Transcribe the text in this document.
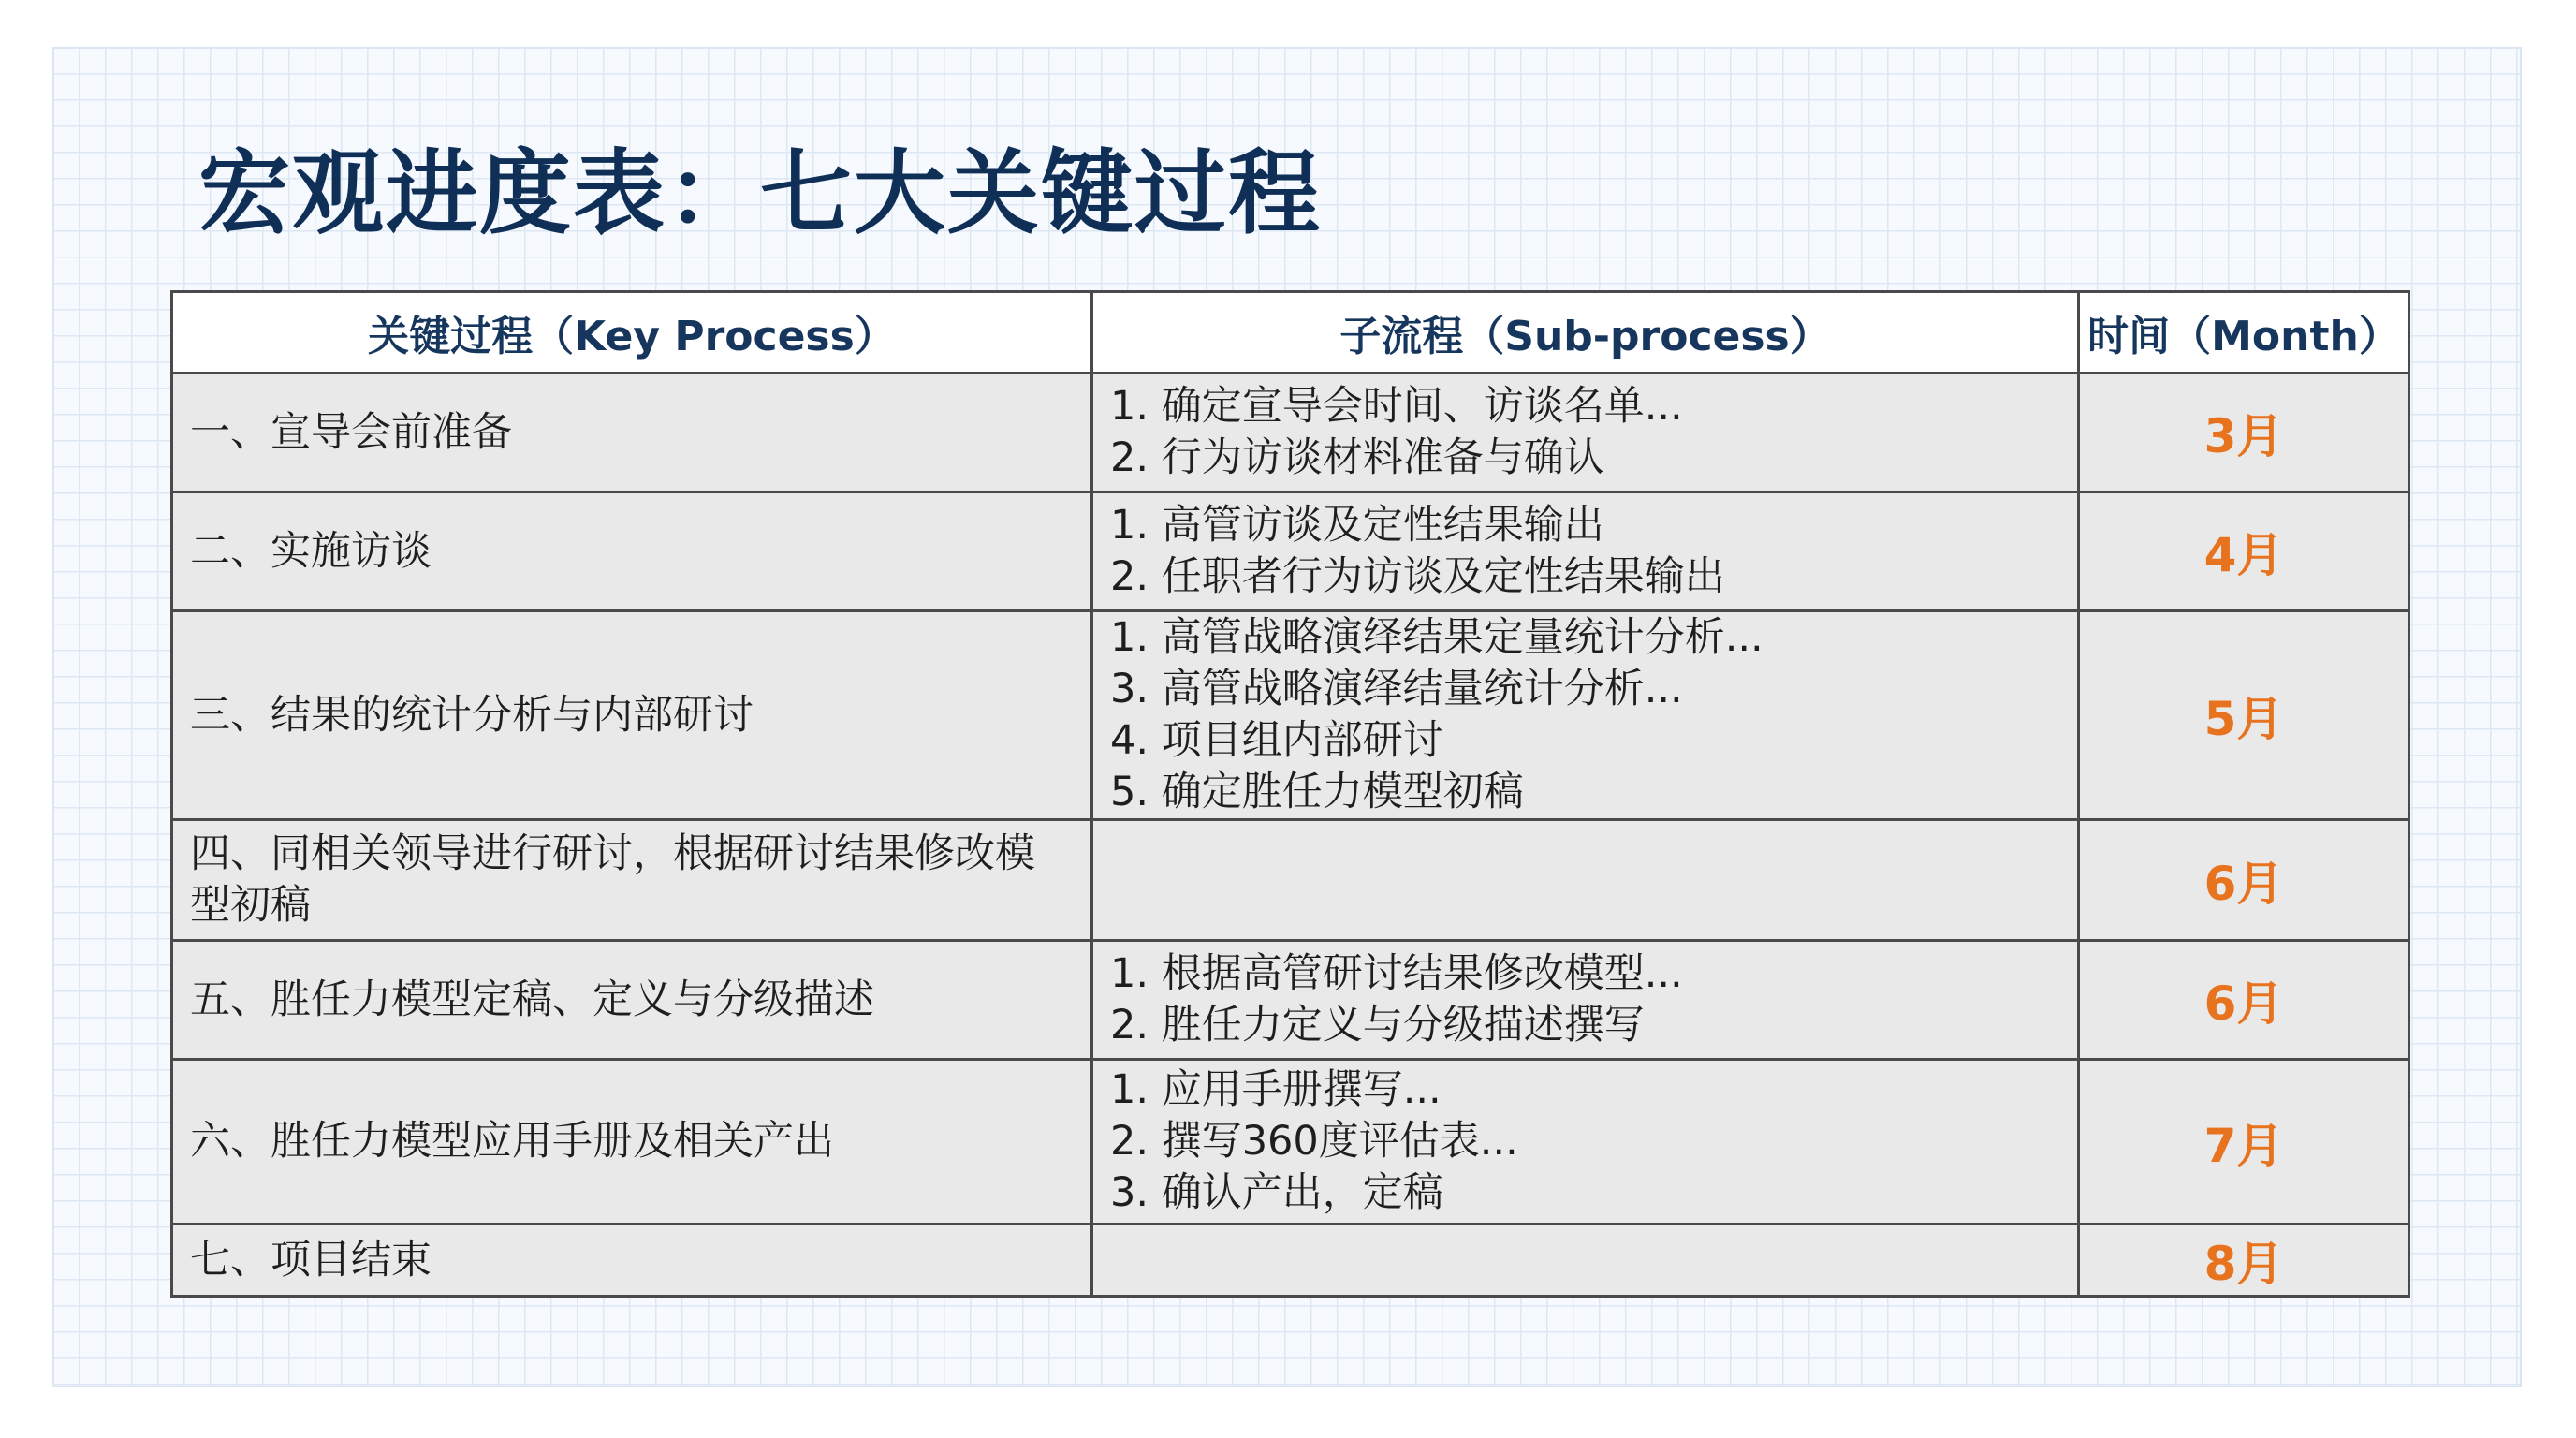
宏观进度表：七大关键过程
关键过程（Key Process）	子流程（Sub-process）	时间（Month）
一、宣导会前准备	1. 确定宣导会时间、访谈名单...
2. 行为访谈材料准备与确认	3月
二、实施访谈	1. 高管访谈及定性结果输出
2. 任职者行为访谈及定性结果输出	4月
三、结果的统计分析与内部研讨	1. 高管战略演绎结果定量统计分析...
3. 高管战略演绎结量统计分析...
4. 项目组内部研讨
5. 确定胜任力模型初稿	5月
四、同相关领导进行研讨，根据研讨结果修改模型初稿		6月
五、胜任力模型定稿、定义与分级描述	1. 根据高管研讨结果修改模型...
2. 胜任力定义与分级描述撰写	6月
六、胜任力模型应用手册及相关产出	1. 应用手册撰写...
2. 撰写360度评估表...
3. 确认产出，定稿	7月
七、项目结束		8月
